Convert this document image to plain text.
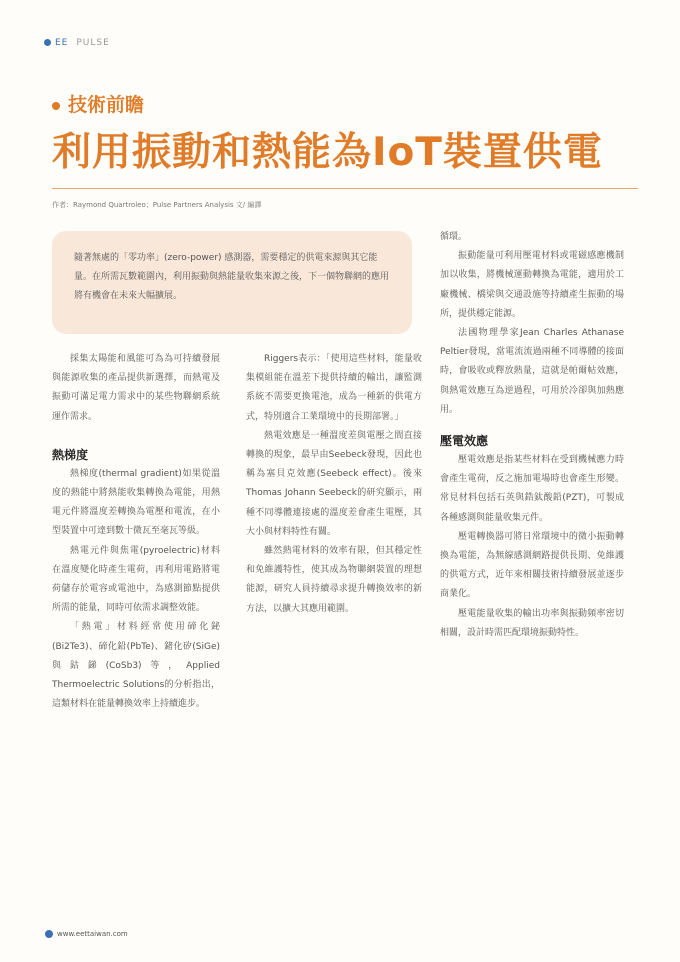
EE PULSE
技術前瞻
利用振動和熱能為IoT裝置供電
作者：Raymond Quartroleo；Pulse Partners Analysis 文/ 編譯

隨著無處的「零功率」(zero-power) 感測器，需要穩定的供電來源與其它能量。在所需瓦數範圍內，利用振動與熱能量收集來源之後，下一個物聯網的應用將有機會在未來大幅擴展。

採集太陽能和風能可為為可持續發展與能源收集的產品提供新選擇，而熱電及振動可滿足電力需求中的某些物聯網系統運作需求。

熱梯度

熱梯度(thermal gradient)如果從溫度的熱能中將熱能收集轉換為電能，用熱電元件將溫度差轉換為電壓和電流，在小型裝置中可達到數十微瓦至毫瓦等級。

熱電元件與焦電(pyroelectric)材料在溫度變化時產生電荷，再利用電路將電荷儲存於電容或電池中，為感測節點提供所需的能量，同時可依需求調整效能。

「熱電」材料經常使用碲化鉍(Bi2Te3)、碲化鉛(PbTe)、鍺化矽(SiGe)與鈷銻(CoSb3)等，Applied Thermoelectric Solutions的分析指出，這類材料在能量轉換效率上持續進步。

Riggers表示：「使用這些材料，能量收集模組能在溫差下提供持續的輸出，讓監測系統不需要更換電池，成為一種新的供電方式，特別適合工業環境中的長期部署。」

熱電效應是一種溫度差與電壓之間直接轉換的現象，最早由Seebeck發現，因此也稱為塞貝克效應(Seebeck effect)。後來Thomas Johann Seebeck的研究顯示，兩種不同導體連接處的溫度差會產生電壓，其大小與材料特性有關。

雖然熱電材料的效率有限，但其穩定性和免維護特性，使其成為物聯網裝置的理想能源，研究人員持續尋求提升轉換效率的新方法，以擴大其應用範圍。

循環。

振動能量可利用壓電材料或電磁感應機制加以收集，將機械運動轉換為電能，適用於工廠機械、橋梁與交通設施等持續產生振動的場所，提供穩定能源。

法國物理學家Jean Charles Athanase Peltier發現，當電流流過兩種不同導體的接面時，會吸收或釋放熱量，這就是帕爾帖效應，與熱電效應互為逆過程，可用於冷卻與加熱應用。

壓電效應

壓電效應是指某些材料在受到機械應力時會產生電荷，反之施加電場時也會產生形變。常見材料包括石英與鋯鈦酸鉛(PZT)，可製成各種感測與能量收集元件。

壓電轉換器可將日常環境中的微小振動轉換為電能，為無線感測網路提供長期、免維護的供電方式，近年來相關技術持續發展並逐步商業化。

壓電能量收集的輸出功率與振動頻率密切相關，設計時需匹配環境振動特性。

www.eettaiwan.com
